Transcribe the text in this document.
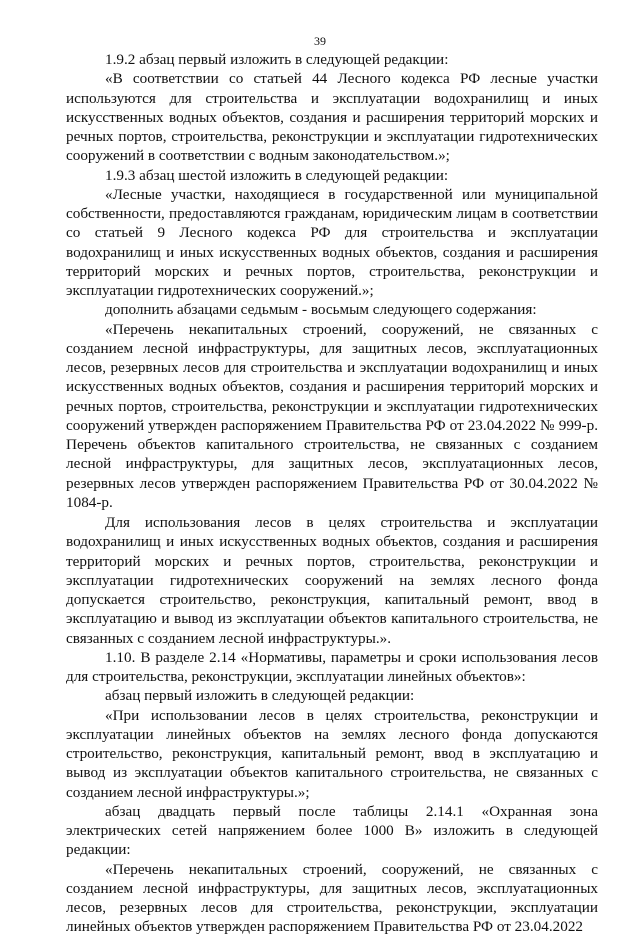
39

1.9.2 абзац первый изложить в следующей редакции:

«В соответствии со статьей 44 Лесного кодекса РФ лесные участки используются для строительства и эксплуатации водохранилищ и иных искусственных водных объектов, создания и расширения территорий морских и речных портов, строительства, реконструкции и эксплуатации гидротехнических сооружений в соответствии с водным законодательством.»;

1.9.3 абзац шестой изложить в следующей редакции:

«Лесные участки, находящиеся в государственной или муниципальной собственности, предоставляются гражданам, юридическим лицам в соответствии со статьей 9 Лесного кодекса РФ для строительства и эксплуатации водохранилищ и иных искусственных водных объектов, создания и расширения территорий морских и речных портов, строительства, реконструкции и эксплуатации гидротехнических сооружений.»;

дополнить абзацами седьмым - восьмым следующего содержания:

«Перечень некапитальных строений, сооружений, не связанных с созданием лесной инфраструктуры, для защитных лесов, эксплуатационных лесов, резервных лесов для строительства и эксплуатации водохранилищ и иных искусственных водных объектов, создания и расширения территорий морских и речных портов, строительства, реконструкции и эксплуатации гидротехнических сооружений утвержден распоряжением Правительства РФ от 23.04.2022 № 999-р. Перечень объектов капитального строительства, не связанных с созданием лесной инфраструктуры, для защитных лесов, эксплуатационных лесов, резервных лесов утвержден распоряжением Правительства РФ от 30.04.2022 № 1084-р.

Для использования лесов в целях строительства и эксплуатации водохранилищ и иных искусственных водных объектов, создания и расширения территорий морских и речных портов, строительства, реконструкции и эксплуатации гидротехнических сооружений на землях лесного фонда допускается строительство, реконструкция, капитальный ремонт, ввод в эксплуатацию и вывод из эксплуатации объектов капитального строительства, не связанных с созданием лесной инфраструктуры.».

1.10. В разделе 2.14 «Нормативы, параметры и сроки использования лесов для строительства, реконструкции, эксплуатации линейных объектов»:

абзац первый изложить в следующей редакции:

«При использовании лесов в целях строительства, реконструкции и эксплуатации линейных объектов на землях лесного фонда допускаются строительство, реконструкция, капитальный ремонт, ввод в эксплуатацию и вывод из эксплуатации объектов капитального строительства, не связанных с созданием лесной инфраструктуры.»;

абзац двадцать первый после таблицы 2.14.1 «Охранная зона электрических сетей напряжением более 1000 В» изложить в следующей редакции:

«Перечень некапитальных строений, сооружений, не связанных с созданием лесной инфраструктуры, для защитных лесов, эксплуатационных лесов, резервных лесов для строительства, реконструкции, эксплуатации линейных объектов утвержден распоряжением Правительства РФ от 23.04.2022
